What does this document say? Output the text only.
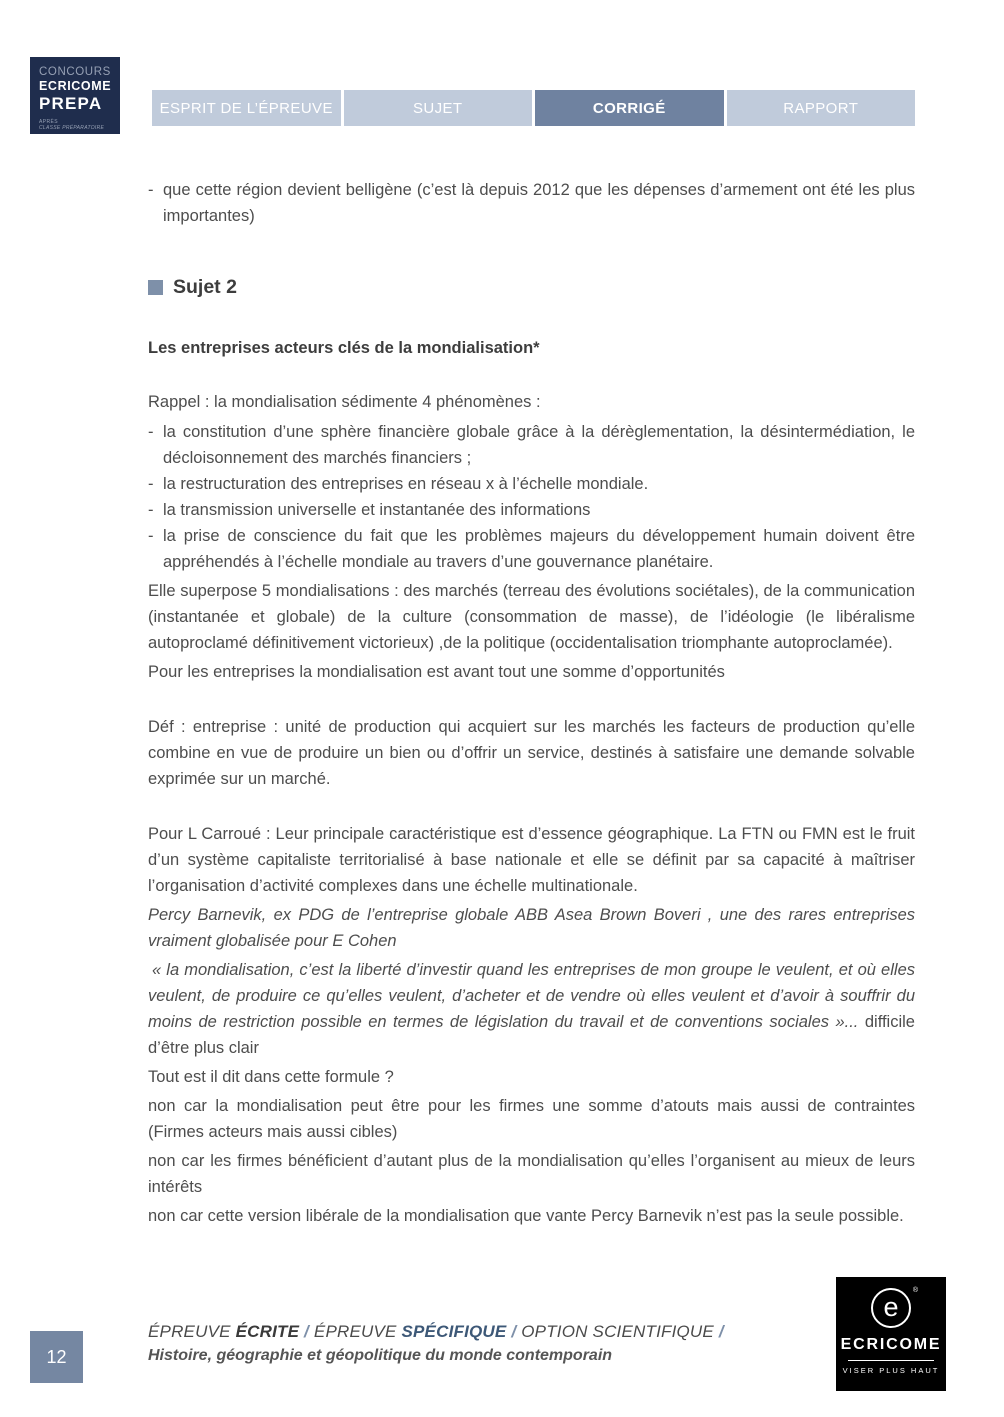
CONCOURS
ECRICOME
PREPA
APRÈS
CLASSE PRÉPARATOIRE
ESPRIT DE L’ÉPREUVE	SUJET	CORRIGÉ	RAPPORT
- que cette région devient belligène (c’est là depuis 2012 que les dépenses d’armement ont été les plus importantes)
Sujet 2
Les entreprises acteurs clés de la mondialisation*

Rappel : la mondialisation sédimente 4 phénomènes :

- la constitution d’une sphère financière globale grâce à la dérèglementation, la désintermédiation, le décloisonnement des marchés financiers ;
- la restructuration des entreprises en réseau x à l’échelle mondiale.
- la transmission universelle et instantanée des informations
- la prise de conscience du fait que les problèmes majeurs du développement humain doivent être appréhendés à l’échelle mondiale au travers d’une gouvernance planétaire.

Elle superpose 5 mondialisations : des marchés (terreau des évolutions sociétales), de la communication (instantanée et globale) de la culture (consommation de masse), de l’idéologie (le libéralisme autoproclamé définitivement victorieux) ,de la politique (occidentalisation triomphante autoproclamée).

Pour les entreprises la mondialisation est avant tout une somme d’opportunités

Déf : entreprise : unité de production qui acquiert sur les marchés les facteurs de production qu’elle combine en vue de produire un bien ou d’offrir un service, destinés à satisfaire une demande solvable exprimée sur un marché.

Pour L Carroué : Leur principale caractéristique est d’essence géographique. La FTN ou FMN est le fruit d’un système capitaliste territorialisé à base nationale et elle se définit par sa capacité à maîtriser l’organisation d’activité complexes dans une échelle multinationale.

Percy Barnevik, ex PDG de l’entreprise globale ABB Asea Brown Boveri , une des rares entreprises vraiment globalisée pour E Cohen

« la mondialisation, c’est la liberté d’investir quand les entreprises de mon groupe le veulent, et où elles veulent, de produire ce qu’elles veulent, d’acheter et de vendre où elles veulent et d’avoir à souffrir du moins de restriction possible en termes de législation du travail et de conventions sociales »... difficile d’être plus clair

Tout est il dit dans cette formule ?

non car la mondialisation peut être pour les firmes une somme d’atouts mais aussi de contraintes (Firmes acteurs mais aussi cibles)

non car les firmes bénéficient d’autant plus de la mondialisation qu’elles l’organisent au mieux de leurs intérêts

non car cette version libérale de la mondialisation que vante Percy Barnevik n’est pas la seule possible.

12
ÉPREUVE ÉCRITE / ÉPREUVE SPÉCIFIQUE / OPTION SCIENTIFIQUE /
Histoire, géographie et géopolitique du monde contemporain
e
®
ECRICOME
VISER PLUS HAUT
